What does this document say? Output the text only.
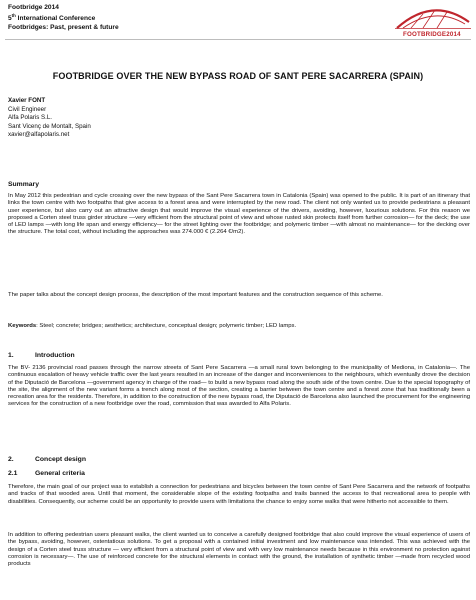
Footbridge 2014
5th International Conference
Footbridges: Past, present & future
FOOTBRIDGE2014
FOOTBRIDGE OVER THE NEW BYPASS ROAD OF SANT PERE SACARRERA (SPAIN)
Xavier FONT
Civil Engineer
Alfa Polaris S.L.
Sant Vicenç de Montalt, Spain
xavier@alfapolaris.net
Summary

In May 2012 this pedestrian and cycle crossing over the new bypass of the Sant Pere Sacarrera town in Catalonia (Spain) was opened to the public. It is part of an itinerary that links the town centre with two footpaths that give access to a forest area and were interrupted by the new road. The client not only wanted us to provide pedestrians a pleasant user experience, but also carry out an attractive design that would improve the visual experience of the drivers, avoiding, however, luxurious solutions. For this reason we proposed a Corten steel truss girder structure —very efficient from the structural point of view and whose rusted skin protects itself from further corrosion— for the deck; the use of LED lamps —with long life span and energy efficiency— for the street lighting over the footbridge; and polymeric timber —with almost no maintenance— for the decking over the structure. The total cost, without including the approaches was 274.000 € (2.264 €/m2).

The paper talks about the concept design process, the description of the most important features and the construction sequence of this scheme.

Keywords: Steel; concrete; bridges; aesthetics; architecture, conceptual design; polymeric timber; LED lamps.
1.	Introduction

The BV- 2136 provincial road passes through the narrow streets of Sant Pere Sacarrera —a small rural town belonging to the municipality of Mediona, in Catalonia—. The continuous escalation of heavy vehicle traffic over the last years resulted in an increase of the danger and inconveniences to the neighbours, which eventually drove the decision of the Diputació de Barcelona —government agency in charge of the road— to build a new bypass road along the south side of the town centre. Due to the special topography of the site, the alignment of the new variant forms a trench along most of the section, creating a barrier between the town centre and a forest zone that has traditionally been a recreation area for the residents. Therefore, in addition to the construction of the new bypass road, the Diputació de Barcelona also launched the procurement for the engineering services for the construction of a new footbridge over the road, commission that was awarded to Alfa Polaris.

2.	Concept design
2.1	General criteria

Therefore, the main goal of our project was to establish a connection for pedestrians and bicycles between the town centre of Sant Pere Sacarrera and the network of footpaths and tracks of that wooded area. Until that moment, the considerable slope of the existing footpaths and trails banned the access to that recreational area to people with disabilities. Consequently, our scheme could be an opportunity to provide users with limitations the chance to enjoy some walks that were hitherto not accessible to them.

In addition to offering pedestrian users pleasant walks, the client wanted us to conceive a carefully designed footbridge that also could improve the visual experience of users of the bypass, avoiding, however, ostentatious solutions. To get a proposal with a contained initial investment and low maintenance was intended. This was achieved with the design of a Corten steel truss structure — very efficient from a structural point of view and with very low maintenance needs because in this environment no protection against corrosion is necessary—. The use of reinforced concrete for the structural elements in contact with the ground, the installation of synthetic timber —made from recycled wood products
